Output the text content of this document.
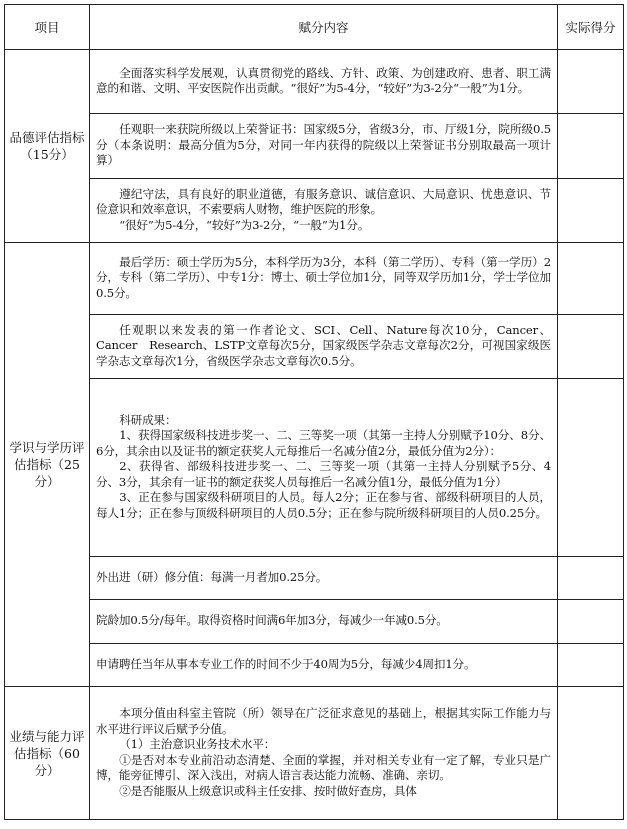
项目	赋分内容	实际得分
品德评估指标（15分）	全面落实科学发展观，认真贯彻党的路线、方针、政策、为创建政府、患者、职工满意的和谐、文明、平安医院作出贡献。“很好”为5-4分，“较好”为3-2分“一般”为1分。	

	任观职一来获院所级以上荣誉证书：国家级5分，省级3分，市、厅级1分，院所级0.5分（本条说明：最高分值为5分，对同一年内获得的院级以上荣誉证书分别取最高一项计算）	

	遵纪守法，具有良好的职业道德，有服务意识、诚信意识、大局意识、忧患意识、节俭意识和效率意识，不索要病人财物，维护医院的形象。

“很好”为5-4分，“较好”为3-2分，“一般”为1分。	

学识与学历评估指标（25分）	最后学历：硕士学历为5分，本科学历为3分，本科（第二学历）、专科（第一学历）2分，专科（第二学历）、中专1分：博士、硕士学位加1分，同等双学历加1分，学士学位加0.5分。	

	任观职以来发表的第一作者论文、SCI、Cell、Nature每次10分，Cancer、Cancer　Research、LSTP文章每次5分，国家级医学杂志文章每次2分，可视国家级医学杂志文章每次1分，省级医学杂志文章每次0.5分。	

	科研成果：

1、获得国家级科技进步奖一、二、三等奖一项（其第一主持人分别赋予10分、8分、6分，其余由以及证书的额定获奖人元每推后一名减分值2分，最低分值为2分）：

2、获得省、部级科技进步奖一、二、三等奖一项（其第一主持人分别赋予5分、4分、3分，其余有一证书的额定获奖人员每推后一名减分值1分，最低分值为1分）

3、正在参与国家级科研项目的人员。每人2分；正在参与省、部级科研项目的人员，每人1分；正在参与顶级科研项目的人员0.5分；正在参与院所级科研项目的人员0.25分。	

	外出进（研）修分值：每满一月者加0.25分。	

	院龄加0.5分/每年。取得资格时间满6年加3分，每减少一年减0.5分。	

	申请聘任当年从事本专业工作的时间不少于40周为5分，每减少4周扣1分。	

业绩与能力评估指标（60分）	本项分值由科室主管院（所）领导在广泛征求意见的基础上，根据其实际工作能力与水平进行评议后赋予分值。

（1）主治意识业务技术水平：

①是否对本专业前沿动态清楚、全面的掌握，并对相关专业有一定了解，专业只是广博，能旁征博引、深入浅出，对病人语言表达能力流畅、准确、亲切。

②是否能服从上级意识或科主任安排、按时做好查房，具体	
